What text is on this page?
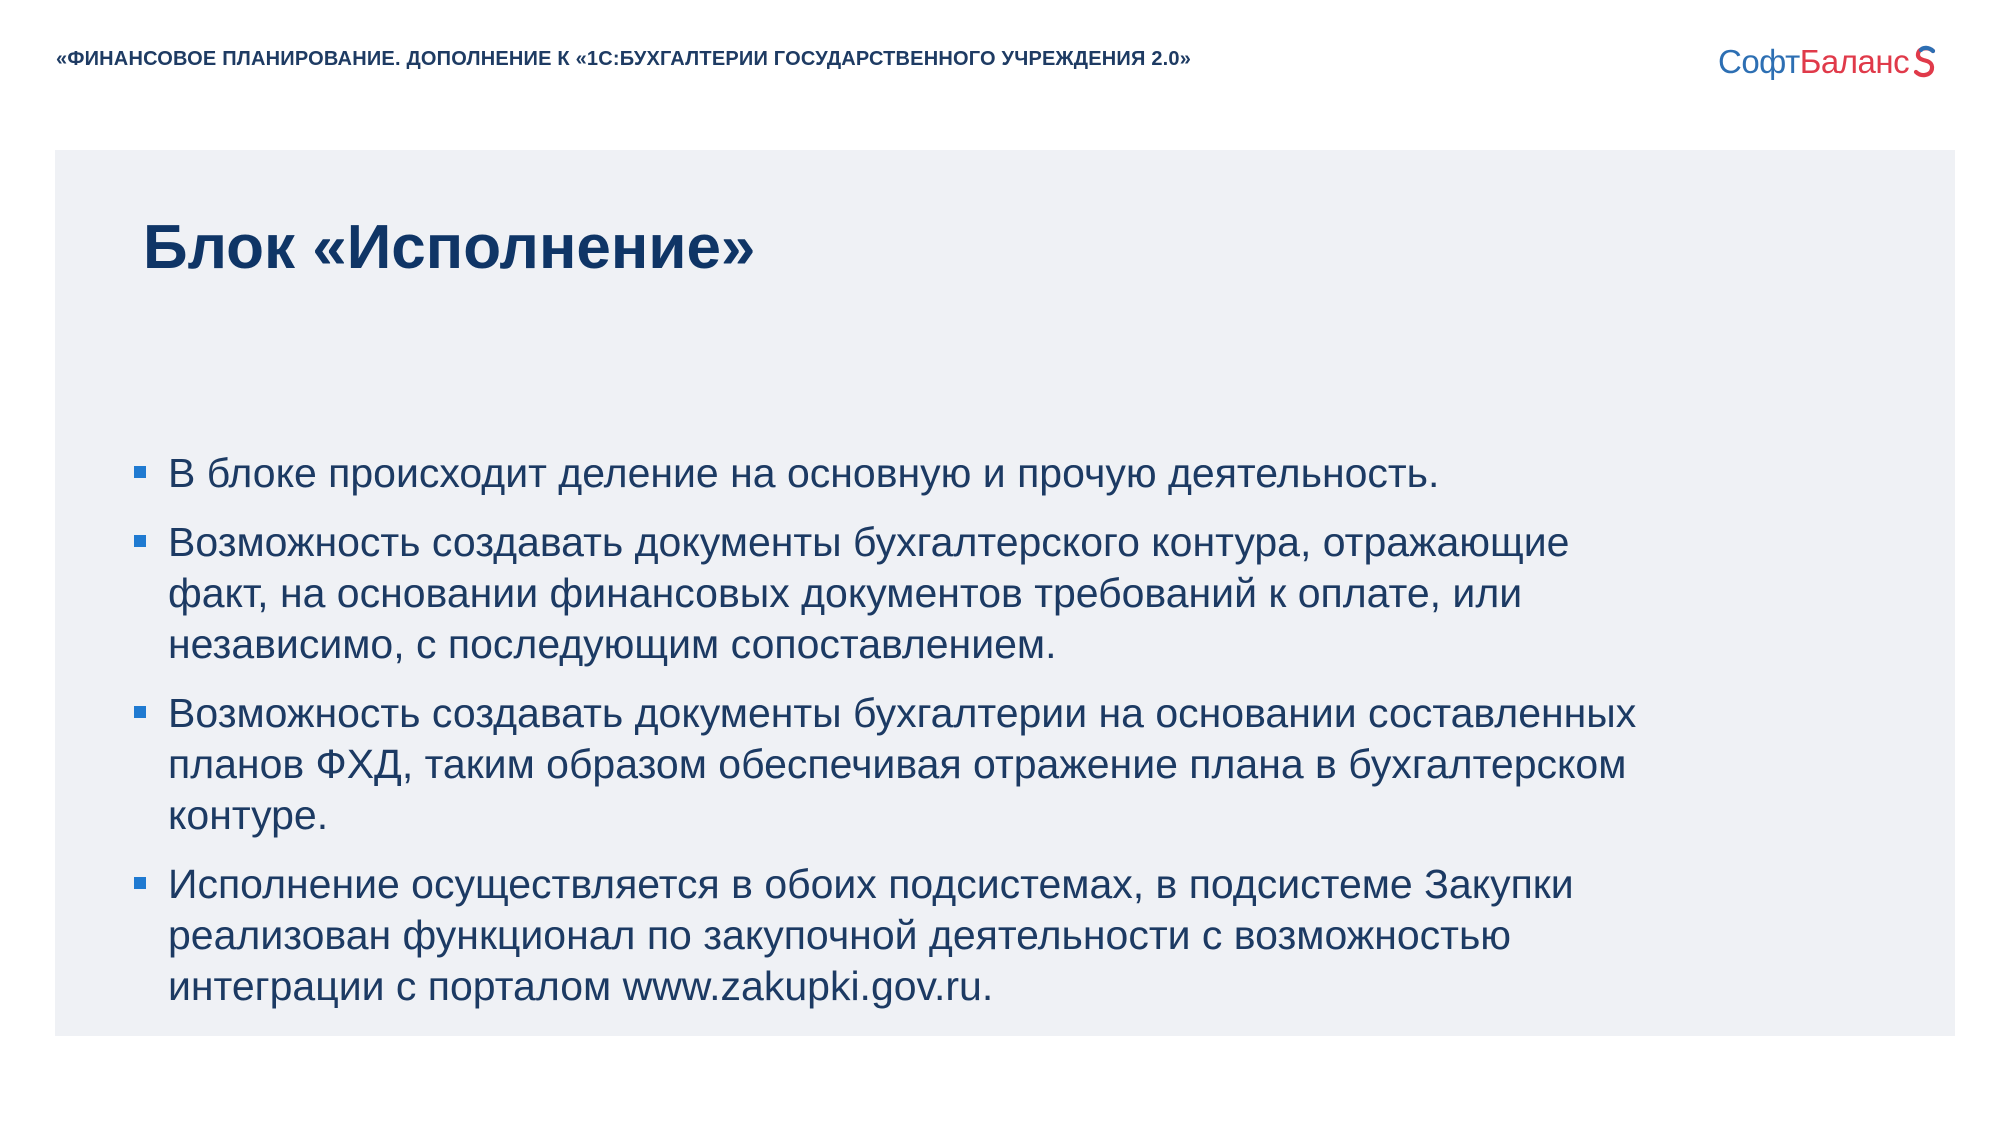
«ФИНАНСОВОЕ ПЛАНИРОВАНИЕ. ДОПОЛНЕНИЕ К «1С:БУХГАЛТЕРИИ ГОСУДАРСТВЕННОГО УЧРЕЖДЕНИЯ 2.0»	Софт Баланс
Блок «Исполнение»
В блоке происходит деление на основную и прочую деятельность.
Возможность создавать документы бухгалтерского контура, отражающие
факт, на основании финансовых документов требований к оплате, или
независимо, с последующим сопоставлением.
Возможность создавать документы бухгалтерии на основании составленных
планов ФХД, таким образом обеспечивая отражение плана в бухгалтерском
контуре.
Исполнение осуществляется в обоих подсистемах, в подсистеме Закупки
реализован функционал по закупочной деятельности с возможностью
интеграции с порталом www.zakupki.gov.ru.
